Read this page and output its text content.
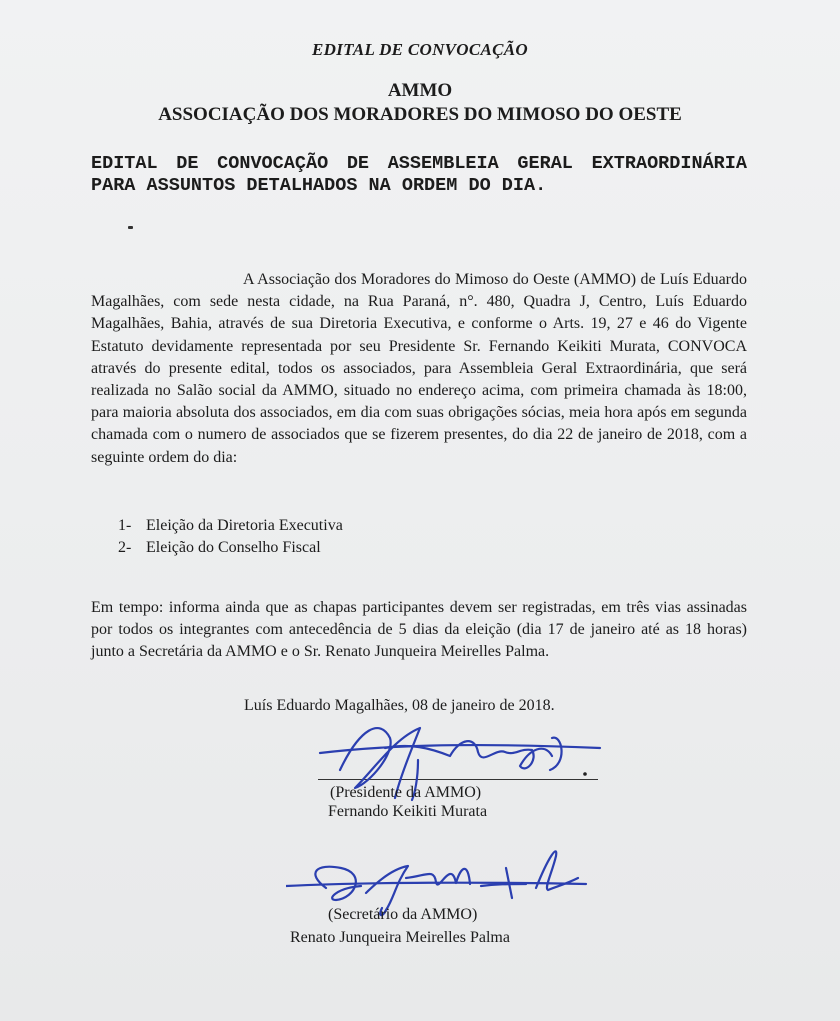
EDITAL DE CONVOCAÇÃO
AMMO
ASSOCIAÇÃO DOS MORADORES DO MIMOSO DO OESTE
EDITAL DE CONVOCAÇÃO DE ASSEMBLEIA GERAL EXTRAORDINÁRIA PARA ASSUNTOS DETALHADOS NA ORDEM DO DIA.
A Associação dos Moradores do Mimoso do Oeste (AMMO) de Luís Eduardo Magalhães, com sede nesta cidade, na Rua Paraná, n°. 480, Quadra J, Centro, Luís Eduardo Magalhães, Bahia, através de sua Diretoria Executiva, e conforme o Arts. 19, 27 e 46 do Vigente Estatuto devidamente representada por seu Presidente Sr. Fernando Keikiti Murata, CONVOCA através do presente edital, todos os associados, para Assembleia Geral Extraordinária, que será realizada no Salão social da AMMO, situado no endereço acima, com primeira chamada às 18:00, para maioria absoluta dos associados, em dia com suas obrigações sócias, meia hora após em segunda chamada com o numero de associados que se fizerem presentes, do dia 22 de janeiro de 2018, com a seguinte ordem do dia:
1- Eleição da Diretoria Executiva
2- Eleição do Conselho Fiscal
Em tempo: informa ainda que as chapas participantes devem ser registradas, em três vias assinadas por todos os integrantes com antecedência de 5 dias da eleição (dia 17 de janeiro até as 18 horas) junto a Secretária da AMMO e o Sr. Renato Junqueira Meirelles Palma.
Luís Eduardo Magalhães, 08 de janeiro de 2018.
(Presidente da AMMO)
Fernando Keikiti Murata
(Secretário da AMMO)
Renato Junqueira Meirelles Palma
